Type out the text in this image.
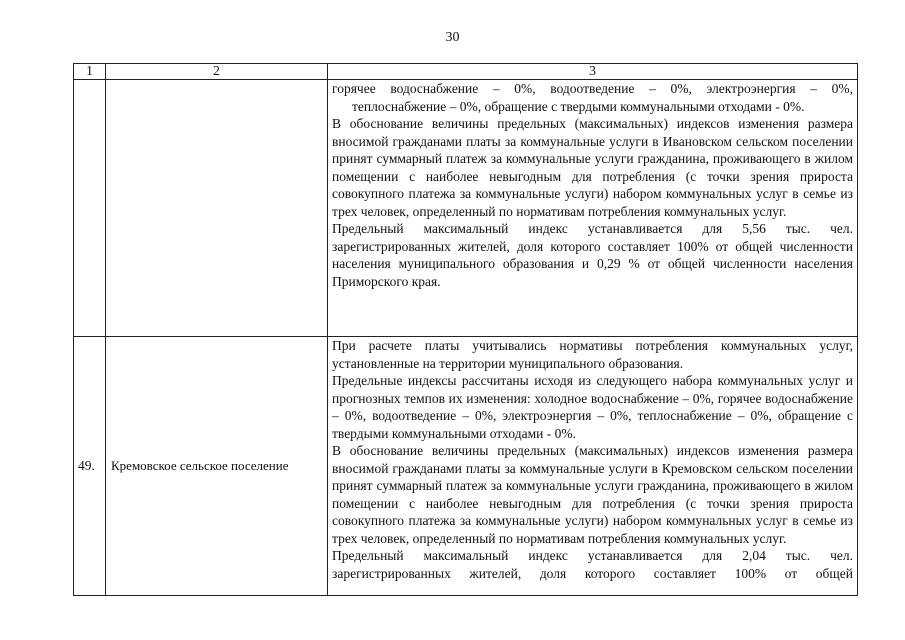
30
1	2	3

		горячее водоснабжение – 0%, водоотведение – 0%, электроэнергия – 0%,

теплоснабжение – 0%, обращение с твердыми коммунальными отходами - 0%.

В обоснование величины предельных (максимальных) индексов изменения размера вносимой гражданами платы за коммунальные услуги в Ивановском сельском поселении принят суммарный платеж за коммунальные услуги гражданина, проживающего в жилом помещении с наиболее невыгодным для потребления (с точки зрения прироста совокупного платежа за коммунальные услуги) набором коммунальных услуг в семье из трех человек, определенный по нормативам потребления коммунальных услуг.

Предельный максимальный индекс устанавливается для 5,56 тыс. чел. зарегистрированных жителей, доля которого составляет 100% от общей численности населения муниципального образования и 0,29 % от общей численности населения Приморского края.

49.	Кремовское сельское поселение	При расчете платы учитывались нормативы потребления коммунальных услуг, установленные на территории муниципального образования.

Предельные индексы рассчитаны исходя из следующего набора коммунальных услуг и прогнозных темпов их изменения: холодное водоснабжение – 0%, горячее водоснабжение – 0%, водоотведение – 0%, электроэнергия – 0%, теплоснабжение – 0%, обращение с твердыми коммунальными отходами - 0%.

В обоснование величины предельных (максимальных) индексов изменения размера вносимой гражданами платы за коммунальные услуги в Кремовском сельском поселении принят суммарный платеж за коммунальные услуги гражданина, проживающего в жилом помещении с наиболее невыгодным для потребления (с точки зрения прироста совокупного платежа за коммунальные услуги) набором коммунальных услуг в семье из трех человек, определенный по нормативам потребления коммунальных услуг.

Предельный максимальный индекс устанавливается для 2,04 тыс. чел. зарегистрированных жителей, доля которого составляет 100% от общей
